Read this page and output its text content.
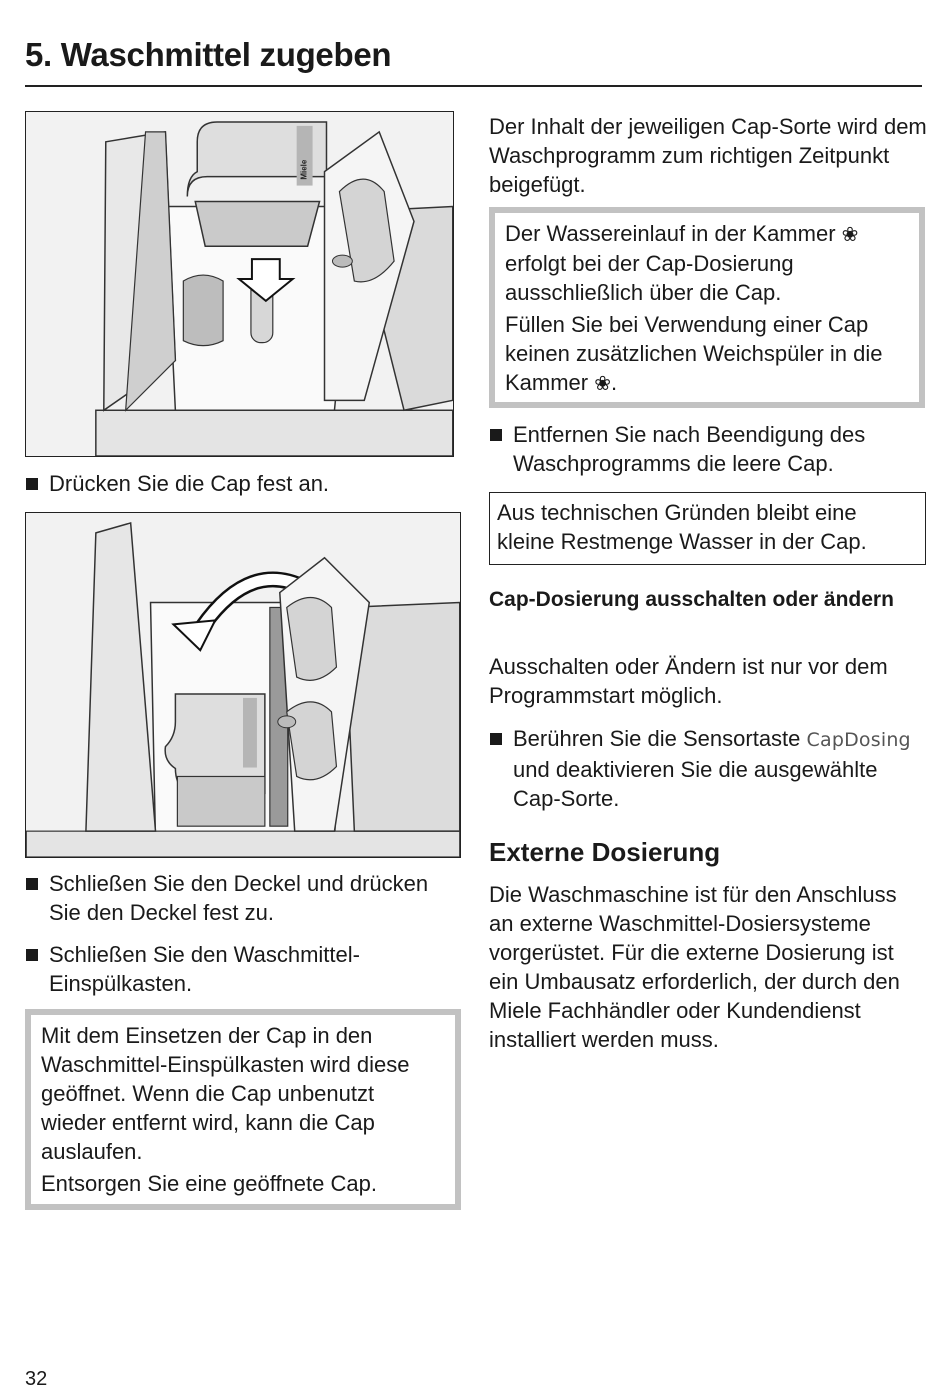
5. Waschmittel zugeben
Miele
Drücken Sie die Cap fest an.
Schließen Sie den Deckel und drücken Sie den Deckel fest zu.
Schließen Sie den Waschmittel-Einspülkasten.

Mit dem Einsetzen der Cap in den Waschmittel-Einspülkasten wird diese geöffnet. Wenn die Cap unbenutzt wieder entfernt wird, kann die Cap auslaufen.

Entsorgen Sie eine geöffnete Cap.

Der Inhalt der jeweiligen Cap-Sorte wird dem Waschprogramm zum richtigen Zeitpunkt beigefügt.

Der Wassereinlauf in der Kammer ❀ erfolgt bei der Cap-Dosierung ausschließlich über die Cap.

Füllen Sie bei Verwendung einer Cap keinen zusätzlichen Weichspüler in die Kammer ❀.

Entfernen Sie nach Beendigung des Waschprogramms die leere Cap.
Aus technischen Gründen bleibt eine kleine Restmenge Wasser in der Cap.
Cap-Dosierung ausschalten oder ändern
Ausschalten oder Ändern ist nur vor dem Programmstart möglich.
Berühren Sie die Sensortaste CapDosing und deaktivieren Sie die ausgewählte Cap-Sorte.
Externe Dosierung
Die Waschmaschine ist für den Anschluss an externe Waschmittel-Dosiersysteme vorgerüstet. Für die externe Dosierung ist ein Umbausatz erforderlich, der durch den Miele Fachhändler oder Kundendienst installiert werden muss.
32
